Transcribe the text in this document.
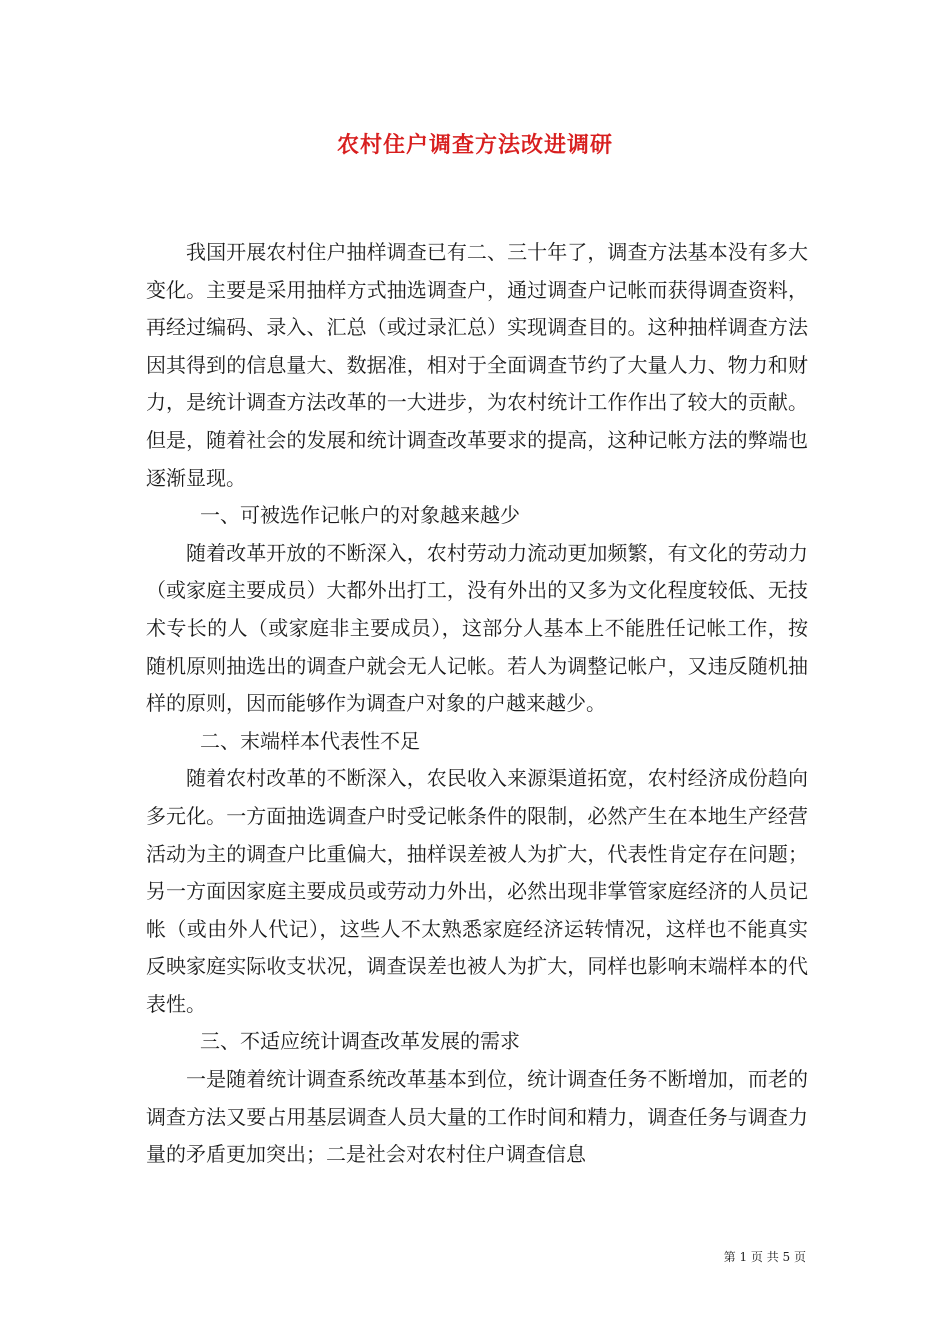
农村住户调查方法改进调研

我国开展农村住户抽样调查已有二、三十年了，调查方法基本没有多大变化。主要是采用抽样方式抽选调查户，通过调查户记帐而获得调查资料，再经过编码、录入、汇总（或过录汇总）实现调查目的。这种抽样调查方法因其得到的信息量大、数据准，相对于全面调查节约了大量人力、物力和财力，是统计调查方法改革的一大进步，为农村统计工作作出了较大的贡献。但是，随着社会的发展和统计调查改革要求的提高，这种记帐方法的弊端也逐渐显现。

一、可被选作记帐户的对象越来越少

随着改革开放的不断深入，农村劳动力流动更加频繁，有文化的劳动力（或家庭主要成员）大都外出打工，没有外出的又多为文化程度较低、无技术专长的人（或家庭非主要成员），这部分人基本上不能胜任记帐工作，按随机原则抽选出的调查户就会无人记帐。若人为调整记帐户，又违反随机抽样的原则，因而能够作为调查户对象的户越来越少。

二、末端样本代表性不足

随着农村改革的不断深入，农民收入来源渠道拓宽，农村经济成份趋向多元化。一方面抽选调查户时受记帐条件的限制，必然产生在本地生产经营活动为主的调查户比重偏大，抽样误差被人为扩大，代表性肯定存在问题；另一方面因家庭主要成员或劳动力外出，必然出现非掌管家庭经济的人员记帐（或由外人代记），这些人不太熟悉家庭经济运转情况，这样也不能真实反映家庭实际收支状况，调查误差也被人为扩大，同样也影响末端样本的代表性。

三、不适应统计调查改革发展的需求

一是随着统计调查系统改革基本到位，统计调查任务不断增加，而老的调查方法又要占用基层调查人员大量的工作时间和精力，调查任务与调查力量的矛盾更加突出；二是社会对农村住户调查信息

第 1 页 共 5 页
